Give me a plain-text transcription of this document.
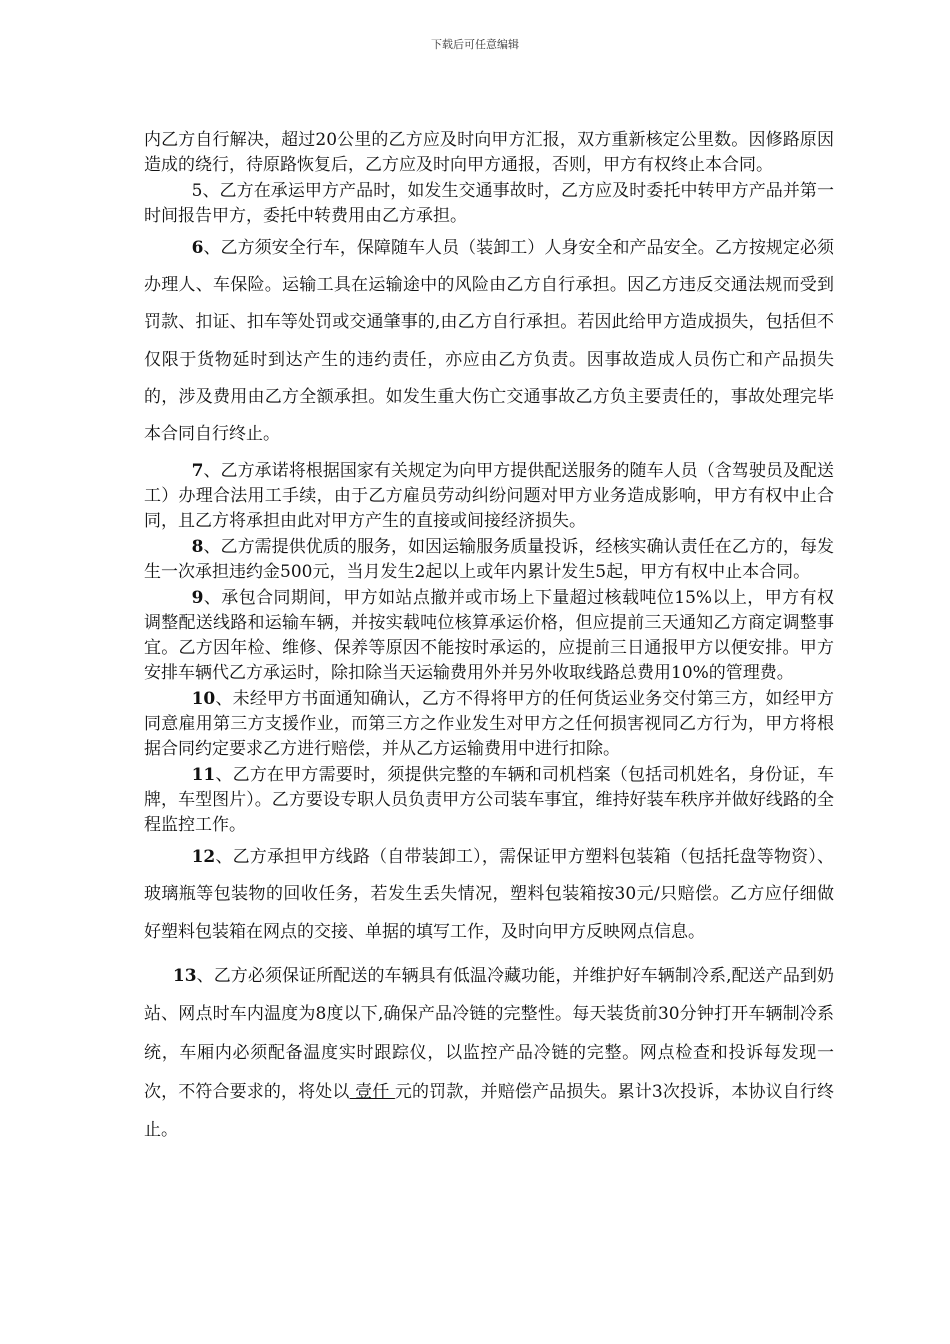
下载后可任意编辑

内乙方自行解决，超过20公里的乙方应及时向甲方汇报，双方重新核定公里数。因修路原因造成的绕行，待原路恢复后，乙方应及时向甲方通报，否则，甲方有权终止本合同。

5、乙方在承运甲方产品时，如发生交通事故时，乙方应及时委托中转甲方产品并第一时间报告甲方，委托中转费用由乙方承担。

6、乙方须安全行车，保障随车人员（装卸工）人身安全和产品安全。乙方按规定必须办理人、车保险。运输工具在运输途中的风险由乙方自行承担。因乙方违反交通法规而受到罚款、扣证、扣车等处罚或交通肇事的,由乙方自行承担。若因此给甲方造成损失，包括但不仅限于货物延时到达产生的违约责任，亦应由乙方负责。因事故造成人员伤亡和产品损失的，涉及费用由乙方全额承担。如发生重大伤亡交通事故乙方负主要责任的，事故处理完毕本合同自行终止。

7、乙方承诺将根据国家有关规定为向甲方提供配送服务的随车人员（含驾驶员及配送工）办理合法用工手续，由于乙方雇员劳动纠纷问题对甲方业务造成影响，甲方有权中止合同，且乙方将承担由此对甲方产生的直接或间接经济损失。

8、乙方需提供优质的服务，如因运输服务质量投诉，经核实确认责任在乙方的，每发生一次承担违约金500元，当月发生2起以上或年内累计发生5起，甲方有权中止本合同。

9、承包合同期间，甲方如站点撤并或市场上下量超过核载吨位15%以上，甲方有权调整配送线路和运输车辆，并按实载吨位核算承运价格，但应提前三天通知乙方商定调整事宜。乙方因年检、维修、保养等原因不能按时承运的，应提前三日通报甲方以便安排。甲方安排车辆代乙方承运时，除扣除当天运输费用外并另外收取线路总费用10%的管理费。

10、未经甲方书面通知确认，乙方不得将甲方的任何货运业务交付第三方，如经甲方同意雇用第三方支援作业，而第三方之作业发生对甲方之任何损害视同乙方行为，甲方将根据合同约定要求乙方进行赔偿，并从乙方运输费用中进行扣除。

11、乙方在甲方需要时，须提供完整的车辆和司机档案（包括司机姓名，身份证，车牌，车型图片）。乙方要设专职人员负责甲方公司装车事宜，维持好装车秩序并做好线路的全程监控工作。

12、乙方承担甲方线路（自带装卸工），需保证甲方塑料包装箱（包括托盘等物资）、玻璃瓶等包装物的回收任务，若发生丢失情况，塑料包装箱按30元/只赔偿。乙方应仔细做好塑料包装箱在网点的交接、单据的填写工作，及时向甲方反映网点信息。

13、乙方必须保证所配送的车辆具有低温冷藏功能，并维护好车辆制冷系,配送产品到奶站、网点时车内温度为8度以下,确保产品冷链的完整性。每天装货前30分钟打开车辆制冷系统，车厢内必须配备温度实时跟踪仪，以监控产品冷链的完整。网点检查和投诉每发现一次，不符合要求的，将处以 壹仟 元的罚款，并赔偿产品损失。累计3次投诉，本协议自行终止。
